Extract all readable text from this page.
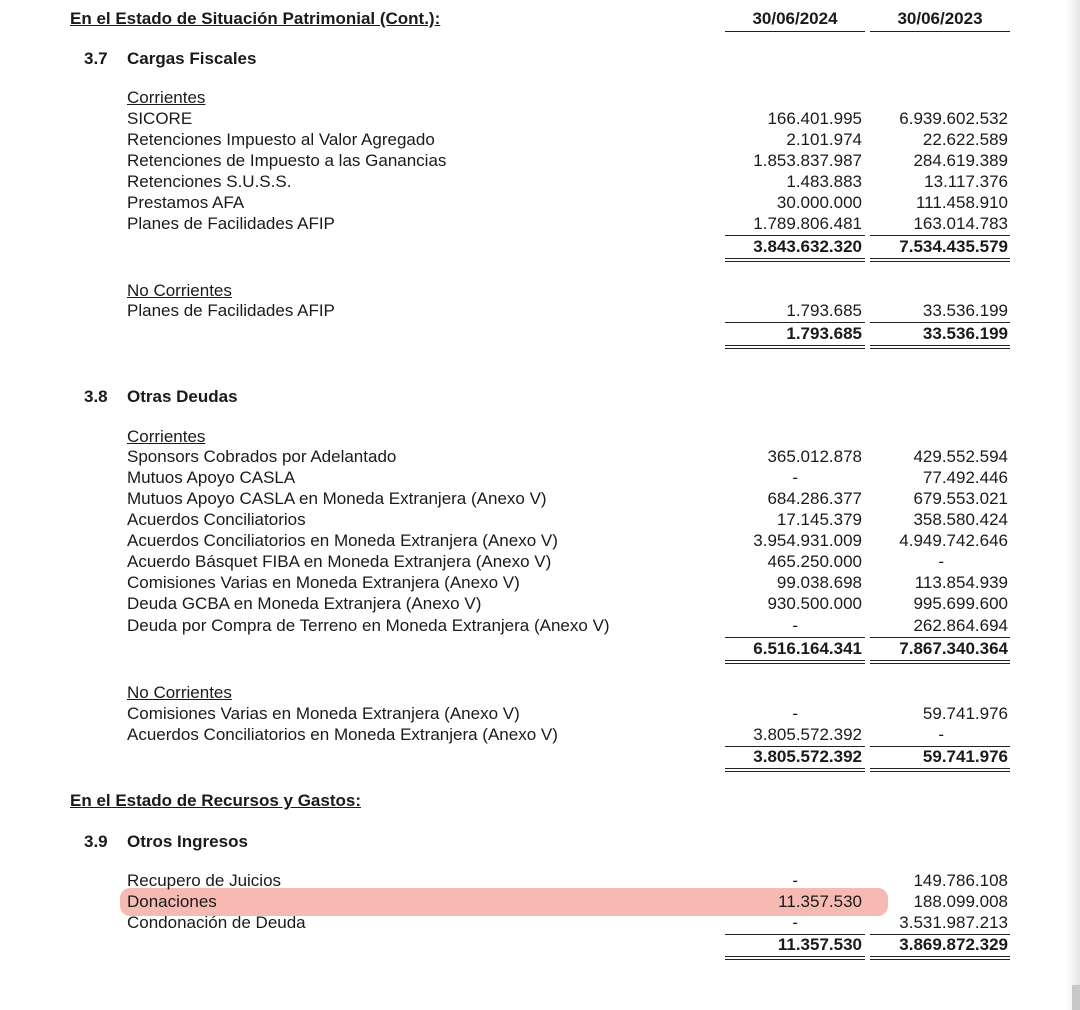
En el Estado de Situación Patrimonial (Cont.):	30/06/2024	30/06/2023
3.7 Cargas Fiscales
Corrientes
SICORE	166.401.995 6.939.602.532
Retenciones Impuesto al Valor Agregado	2.101.974	22.622.589
Retenciones de Impuesto a las Ganancias	1.853.837.987	284.619.389
Retenciones S.U.S.S.	1.483.883	13.117.376
Prestamos AFA	30.000.000	111.458.910
Planes de Facilidades AFIP	1.789.806.481	163.014.783
3.843.632.320 7.534.435.579
No Corrientes
Planes de Facilidades AFIP	1.793.685	33.536.199
1.793.685	33.536.199
3.8 Otras Deudas
Corrientes
Sponsors Cobrados por Adelantado	365.012.878	429.552.594
Mutuos Apoyo CASLA	-	77.492.446
Mutuos Apoyo CASLA en Moneda Extranjera (Anexo V)	684.286.377	679.553.021
Acuerdos Conciliatorios	17.145.379	358.580.424
Acuerdos Conciliatorios en Moneda Extranjera (Anexo V)	3.954.931.009 4.949.742.646
Acuerdo Básquet FIBA en Moneda Extranjera (Anexo V)	465.250.000	-
Comisiones Varias en Moneda Extranjera (Anexo V)	99.038.698	113.854.939
Deuda GCBA en Moneda Extranjera (Anexo V)	930.500.000	995.699.600
Deuda por Compra de Terreno en Moneda Extranjera (Anexo V)	-	262.864.694
6.516.164.341 7.867.340.364
No Corrientes
Comisiones Varias en Moneda Extranjera (Anexo V)	-	59.741.976
Acuerdos Conciliatorios en Moneda Extranjera (Anexo V)	3.805.572.392	-
3.805.572.392	59.741.976
En el Estado de Recursos y Gastos:
3.9 Otros Ingresos
Recupero de Juicios	-	149.786.108
Donaciones	11.357.530	188.099.008
Condonación de Deuda	-	3.531.987.213
11.357.530 3.869.872.329
